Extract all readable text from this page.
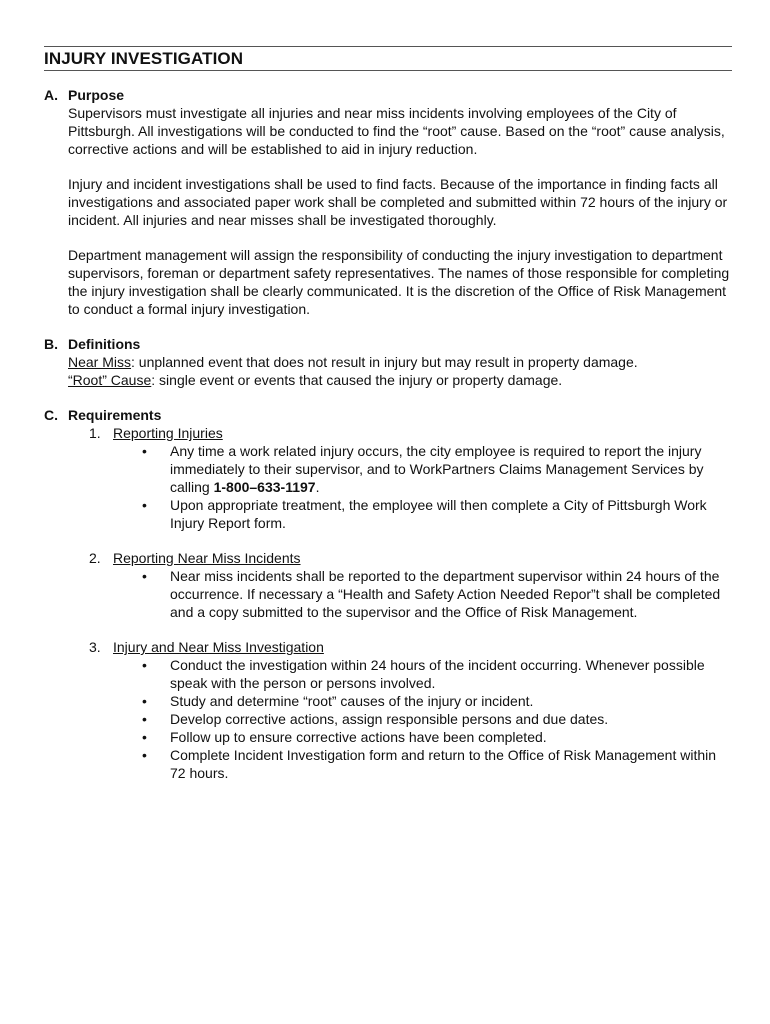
INJURY INVESTIGATION

A. Purpose

Supervisors must investigate all injuries and near miss incidents involving employees of the City of Pittsburgh. All investigations will be conducted to find the “root” cause. Based on the “root” cause analysis, corrective actions and will be established to aid in injury reduction.

Injury and incident investigations shall be used to find facts. Because of the importance in finding facts all investigations and associated paper work shall be completed and submitted within 72 hours of the injury or incident. All injuries and near misses shall be investigated thoroughly.

Department management will assign the responsibility of conducting the injury investigation to department supervisors, foreman or department safety representatives. The names of those responsible for completing the injury investigation shall be clearly communicated. It is the discretion of the Office of Risk Management to conduct a formal injury investigation.

B. Definitions

Near Miss: unplanned event that does not result in injury but may result in property damage.

“Root” Cause: single event or events that caused the injury or property damage.

C. Requirements

1. Reporting Injuries

• Any time a work related injury occurs, the city employee is required to report the injury immediately to their supervisor, and to WorkPartners Claims Management Services by calling 1-800–633-1197.
• Upon appropriate treatment, the employee will then complete a City of Pittsburgh Work Injury Report form.

2. Reporting Near Miss Incidents

• Near miss incidents shall be reported to the department supervisor within 24 hours of the occurrence. If necessary a “Health and Safety Action Needed Repor”t shall be completed and a copy submitted to the supervisor and the Office of Risk Management.

3. Injury and Near Miss Investigation

• Conduct the investigation within 24 hours of the incident occurring. Whenever possible speak with the person or persons involved.
• Study and determine “root” causes of the injury or incident.
• Develop corrective actions, assign responsible persons and due dates.
• Follow up to ensure corrective actions have been completed.
• Complete Incident Investigation form and return to the Office of Risk Management within 72 hours.
